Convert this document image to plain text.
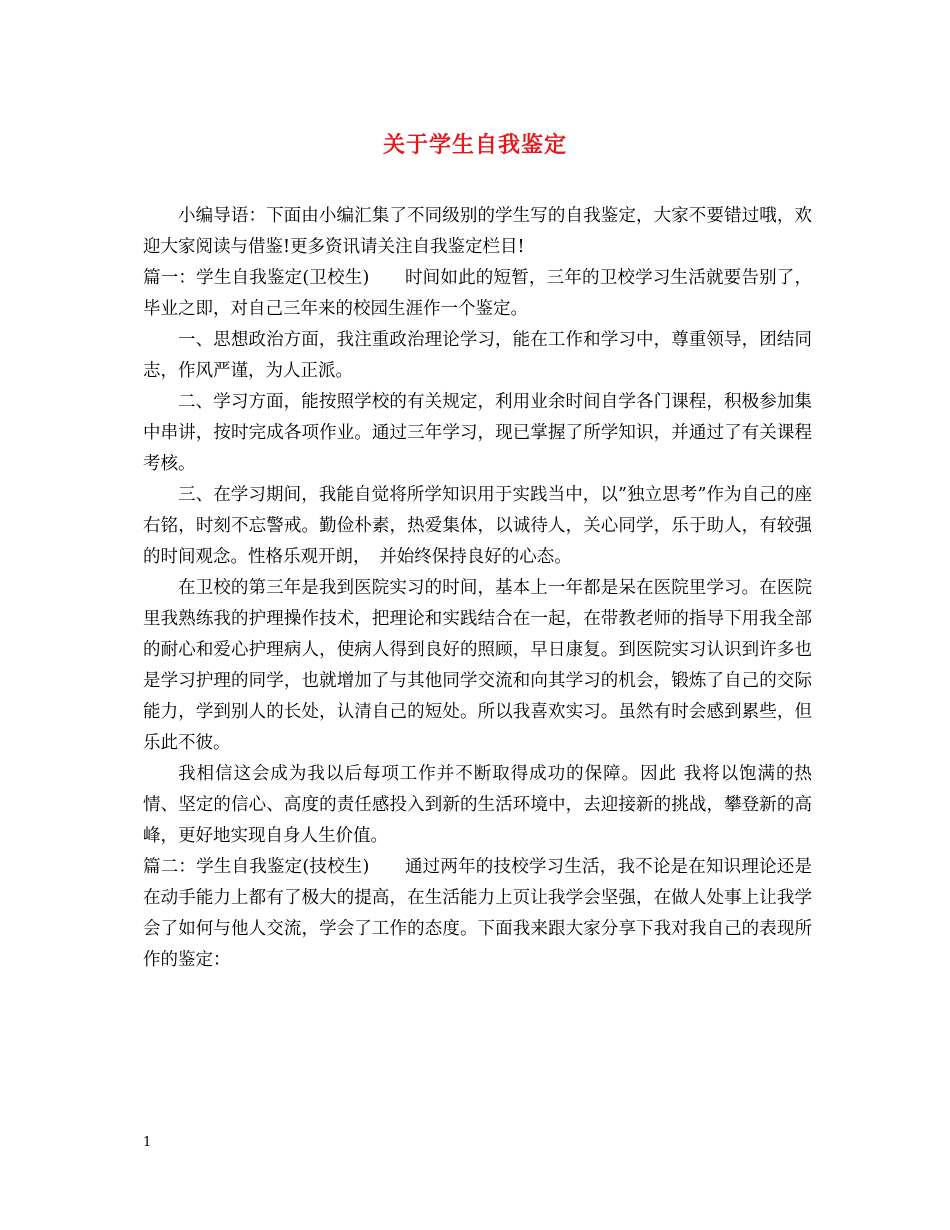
关于学生自我鉴定

小编导语：下面由小编汇集了不同级别的学生写的自我鉴定，大家不要错过哦，欢迎大家阅读与借鉴!更多资讯请关注自我鉴定栏目!

篇一：学生自我鉴定(卫校生)　　时间如此的短暂，三年的卫校学习生活就要告别了，毕业之即，对自己三年来的校园生涯作一个鉴定。

一、思想政治方面，我注重政治理论学习，能在工作和学习中，尊重领导，团结同志，作风严谨，为人正派。

二、学习方面，能按照学校的有关规定，利用业余时间自学各门课程，积极参加集中串讲，按时完成各项作业。通过三年学习，现已掌握了所学知识，并通过了有关课程考核。

三、在学习期间，我能自觉将所学知识用于实践当中，以”独立思考”作为自己的座右铭，时刻不忘警戒。勤俭朴素，热爱集体，以诚待人，关心同学，乐于助人，有较强的时间观念。性格乐观开朗，　并始终保持良好的心态。

在卫校的第三年是我到医院实习的时间，基本上一年都是呆在医院里学习。在医院里我熟练我的护理操作技术，把理论和实践结合在一起，在带教老师的指导下用我全部的耐心和爱心护理病人，使病人得到良好的照顾，早日康复。到医院实习认识到许多也是学习护理的同学，也就增加了与其他同学交流和向其学习的机会，锻炼了自己的交际能力，学到别人的长处，认清自己的短处。所以我喜欢实习。虽然有时会感到累些，但乐此不彼。

我相信这会成为我以后每项工作并不断取得成功的保障。因此 我将以饱满的热情、坚定的信心、高度的责任感投入到新的生活环境中，去迎接新的挑战，攀登新的高峰，更好地实现自身人生价值。

篇二：学生自我鉴定(技校生)　　通过两年的技校学习生活，我不论是在知识理论还是在动手能力上都有了极大的提高，在生活能力上页让我学会坚强，在做人处事上让我学会了如何与他人交流，学会了工作的态度。下面我来跟大家分享下我对我自己的表现所作的鉴定：

1
